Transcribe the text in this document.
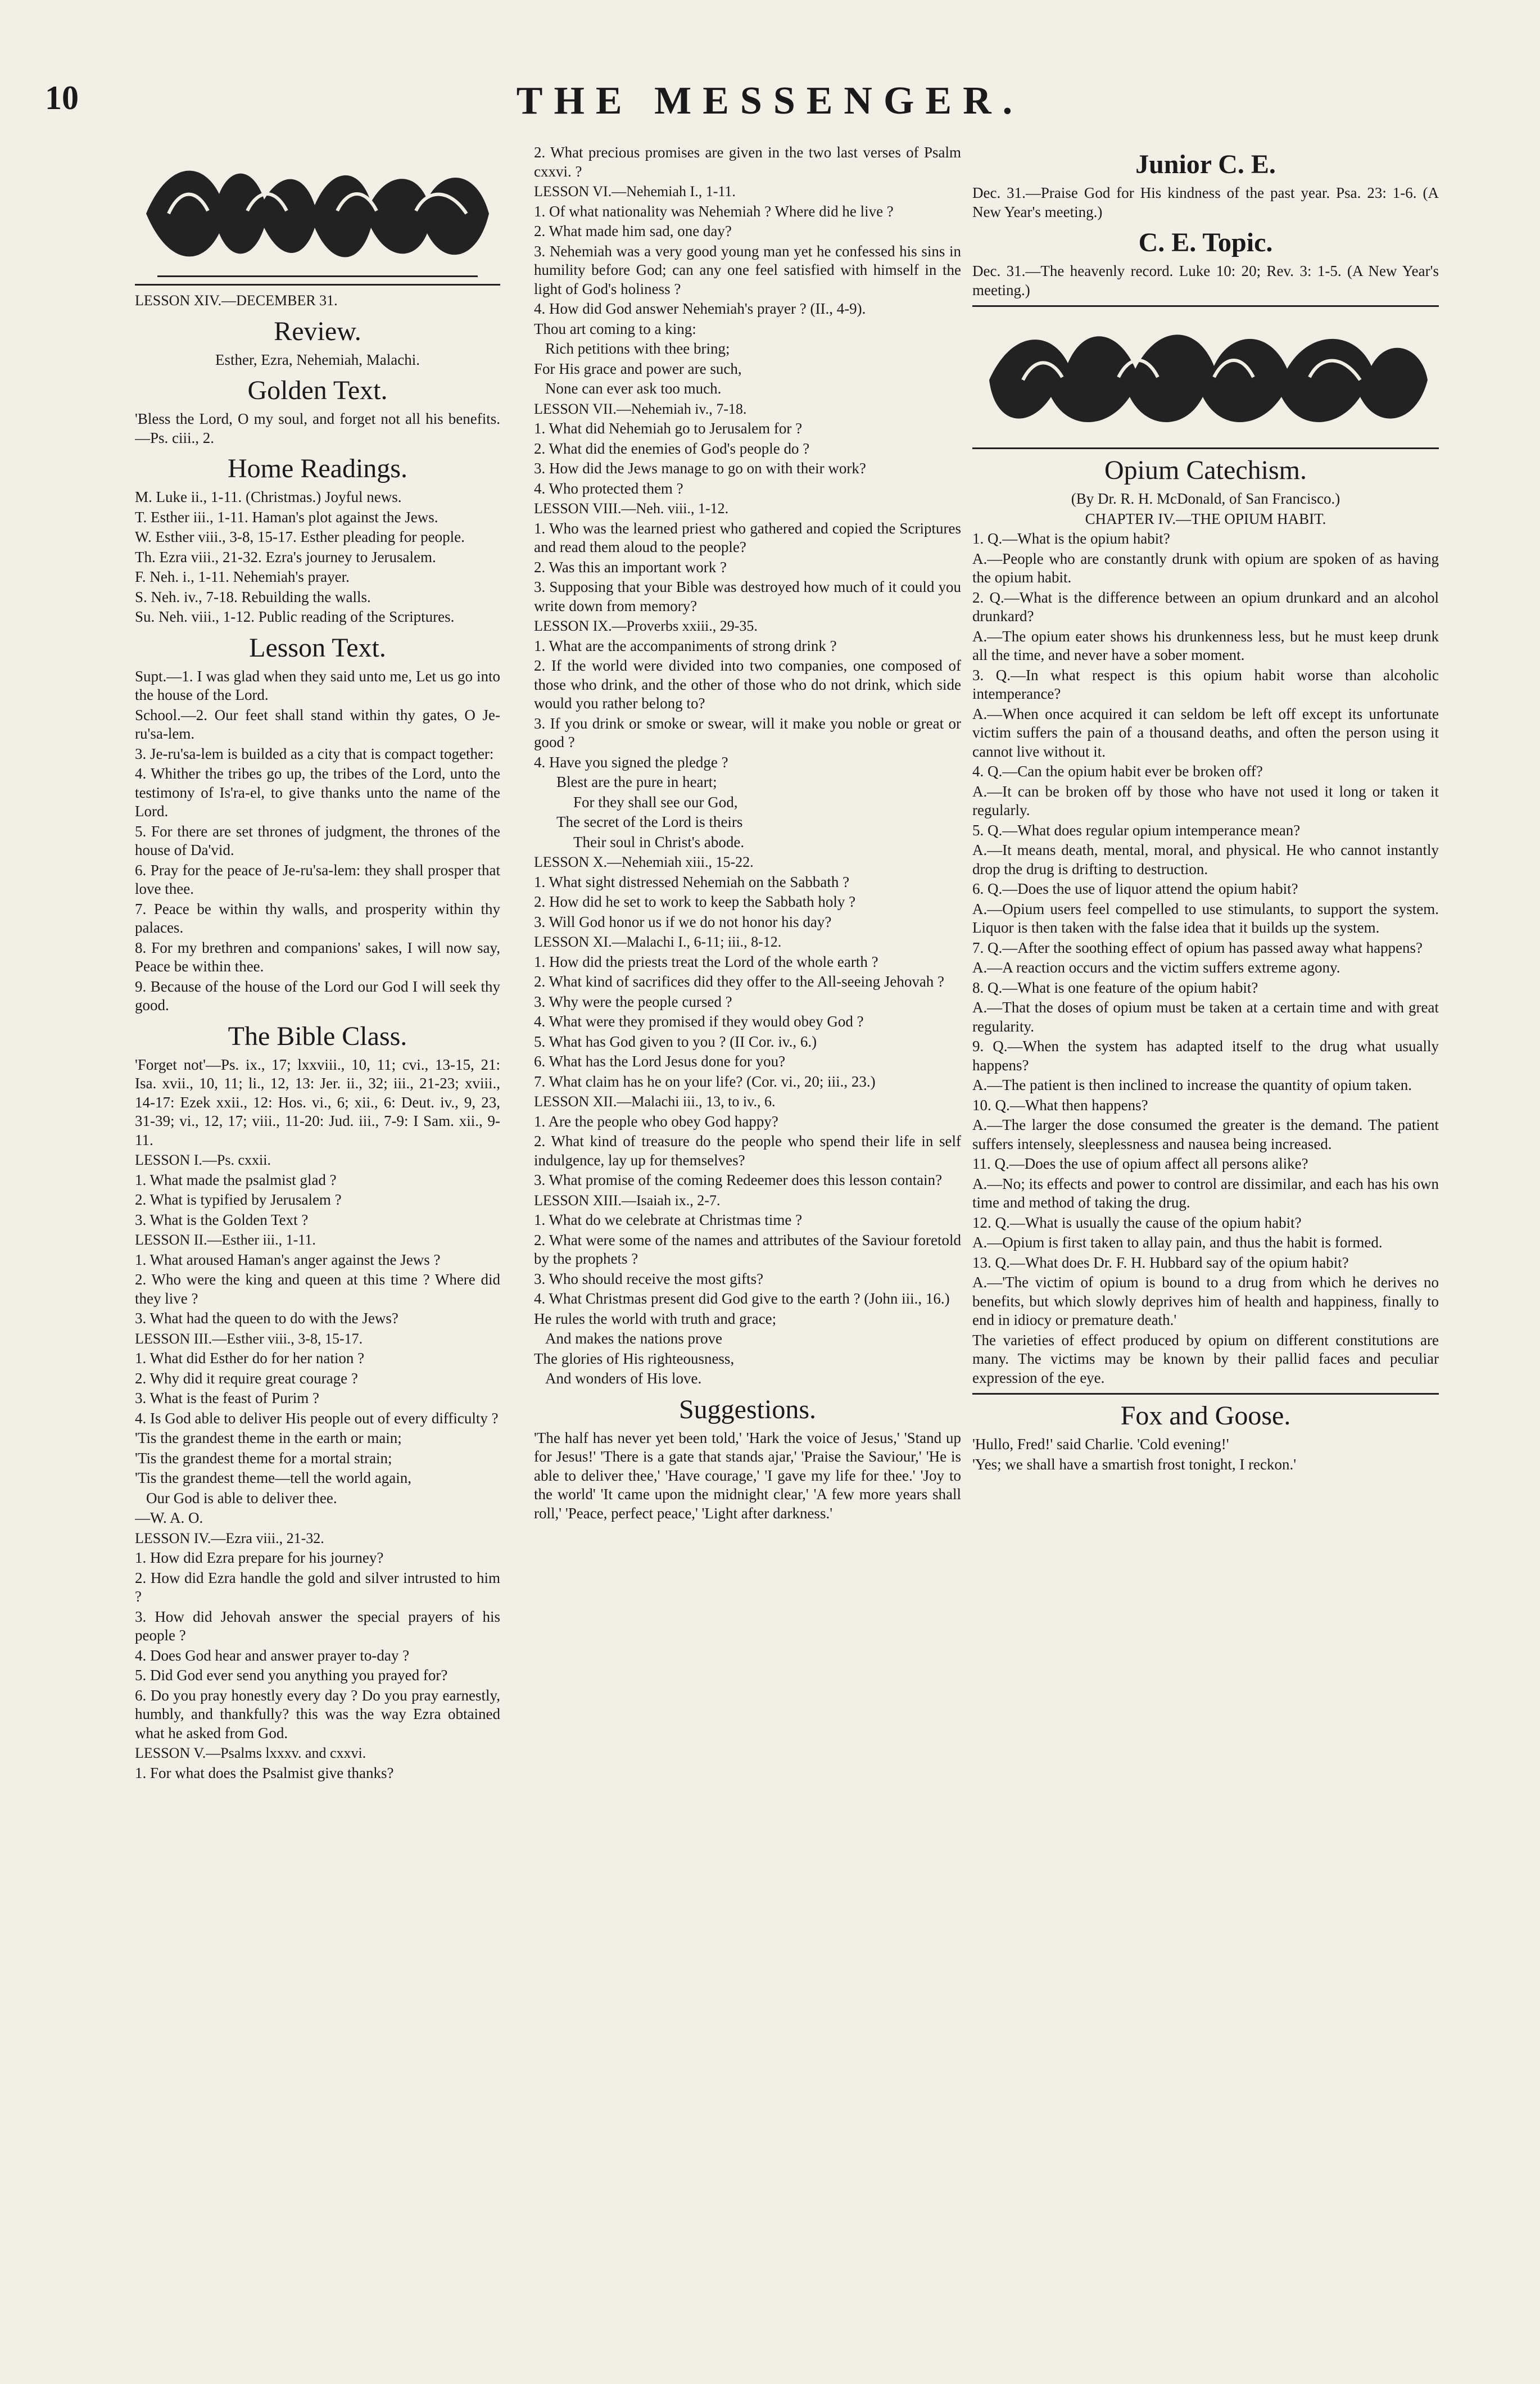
10	THE MESSENGER.

LESSON XIV.—DECEMBER 31.

Review.

Esther, Ezra, Nehemiah, Malachi.

Golden Text.

'Bless the Lord, O my soul, and forget not all his benefits.—Ps. ciii., 2.

Home Readings.

M. Luke ii., 1-11. (Christmas.) Joyful news.

T. Esther iii., 1-11. Haman's plot against the Jews.

W. Esther viii., 3-8, 15-17. Esther pleading for people.

Th. Ezra viii., 21-32. Ezra's journey to Jerusalem.

F. Neh. i., 1-11. Nehemiah's prayer.

S. Neh. iv., 7-18. Rebuilding the walls.

Su. Neh. viii., 1-12. Public reading of the Scriptures.

Lesson Text.

Supt.—1. I was glad when they said unto me, Let us go into the house of the Lord.

School.—2. Our feet shall stand within thy gates, O Je-ru'sa-lem.

3. Je-ru'sa-lem is builded as a city that is compact together:

4. Whither the tribes go up, the tribes of the Lord, unto the testimony of Is'ra-el, to give thanks unto the name of the Lord.

5. For there are set thrones of judgment, the thrones of the house of Da'vid.

6. Pray for the peace of Je-ru'sa-lem: they shall prosper that love thee.

7. Peace be within thy walls, and prosperity within thy palaces.

8. For my brethren and companions' sakes, I will now say, Peace be within thee.

9. Because of the house of the Lord our God I will seek thy good.

The Bible Class.

'Forget not'—Ps. ix., 17; lxxviii., 10, 11; cvi., 13-15, 21: Isa. xvii., 10, 11; li., 12, 13: Jer. ii., 32; iii., 21-23; xviii., 14-17: Ezek xxii., 12: Hos. vi., 6; xii., 6: Deut. iv., 9, 23, 31-39; vi., 12, 17; viii., 11-20: Jud. iii., 7-9: I Sam. xii., 9-11.

LESSON I.—Ps. cxxii.

1. What made the psalmist glad ?

2. What is typified by Jerusalem ?

3. What is the Golden Text ?

LESSON II.—Esther iii., 1-11.

1. What aroused Haman's anger against the Jews ?

2. Who were the king and queen at this time ? Where did they live ?

3. What had the queen to do with the Jews?

LESSON III.—Esther viii., 3-8, 15-17.

1. What did Esther do for her nation ?

2. Why did it require great courage ?

3. What is the feast of Purim ?

4. Is God able to deliver His people out of every difficulty ?

'Tis the grandest theme in the earth or main;

'Tis the grandest theme for a mortal strain;

'Tis the grandest theme—tell the world again,

Our God is able to deliver thee.

—W. A. O.

LESSON IV.—Ezra viii., 21-32.

1. How did Ezra prepare for his journey?

2. How did Ezra handle the gold and silver intrusted to him ?

3. How did Jehovah answer the special prayers of his people ?

4. Does God hear and answer prayer to-day ?

5. Did God ever send you anything you prayed for?

6. Do you pray honestly every day ? Do you pray earnestly, humbly, and thankfully? this was the way Ezra obtained what he asked from God.

LESSON V.—Psalms lxxxv. and cxxvi.

1. For what does the Psalmist give thanks?

2. What precious promises are given in the two last verses of Psalm cxxvi. ?

LESSON VI.—Nehemiah I., 1-11.

1. Of what nationality was Nehemiah ? Where did he live ?

2. What made him sad, one day?

3. Nehemiah was a very good young man yet he confessed his sins in humility before God; can any one feel satisfied with himself in the light of God's holiness ?

4. How did God answer Nehemiah's prayer ? (II., 4-9).

Thou art coming to a king:

Rich petitions with thee bring;

For His grace and power are such,

None can ever ask too much.

LESSON VII.—Nehemiah iv., 7-18.

1. What did Nehemiah go to Jerusalem for ?

2. What did the enemies of God's people do ?

3. How did the Jews manage to go on with their work?

4. Who protected them ?

LESSON VIII.—Neh. viii., 1-12.

1. Who was the learned priest who gathered and copied the Scriptures and read them aloud to the people?

2. Was this an important work ?

3. Supposing that your Bible was destroyed how much of it could you write down from memory?

LESSON IX.—Proverbs xxiii., 29-35.

1. What are the accompaniments of strong drink ?

2. If the world were divided into two companies, one composed of those who drink, and the other of those who do not drink, which side would you rather belong to?

3. If you drink or smoke or swear, will it make you noble or great or good ?

4. Have you signed the pledge ?

Blest are the pure in heart;

For they shall see our God,

The secret of the Lord is theirs

Their soul in Christ's abode.

LESSON X.—Nehemiah xiii., 15-22.

1. What sight distressed Nehemiah on the Sabbath ?

2. How did he set to work to keep the Sabbath holy ?

3. Will God honor us if we do not honor his day?

LESSON XI.—Malachi I., 6-11; iii., 8-12.

1. How did the priests treat the Lord of the whole earth ?

2. What kind of sacrifices did they offer to the All-seeing Jehovah ?

3. Why were the people cursed ?

4. What were they promised if they would obey God ?

5. What has God given to you ? (II Cor. iv., 6.)

6. What has the Lord Jesus done for you?

7. What claim has he on your life? (Cor. vi., 20; iii., 23.)

LESSON XII.—Malachi iii., 13, to iv., 6.

1. Are the people who obey God happy?

2. What kind of treasure do the people who spend their life in self indulgence, lay up for themselves?

3. What promise of the coming Redeemer does this lesson contain?

LESSON XIII.—Isaiah ix., 2-7.

1. What do we celebrate at Christmas time ?

2. What were some of the names and attributes of the Saviour foretold by the prophets ?

3. Who should receive the most gifts?

4. What Christmas present did God give to the earth ? (John iii., 16.)

He rules the world with truth and grace;

And makes the nations prove

The glories of His righteousness,

And wonders of His love.

Suggestions.

'The half has never yet been told,' 'Hark the voice of Jesus,' 'Stand up for Jesus!' 'There is a gate that stands ajar,' 'Praise the Saviour,' 'He is able to deliver thee,' 'Have courage,' 'I gave my life for thee.' 'Joy to the world' 'It came upon the midnight clear,' 'A few more years shall roll,' 'Peace, perfect peace,' 'Light after darkness.'

Junior C. E.

Dec. 31.—Praise God for His kindness of the past year. Psa. 23: 1-6. (A New Year's meeting.)

C. E. Topic.

Dec. 31.—The heavenly record. Luke 10: 20; Rev. 3: 1-5. (A New Year's meeting.)

Opium Catechism.

(By Dr. R. H. McDonald, of San Francisco.)

CHAPTER IV.—THE OPIUM HABIT.

1. Q.—What is the opium habit?

A.—People who are constantly drunk with opium are spoken of as having the opium habit.

2. Q.—What is the difference between an opium drunkard and an alcohol drunkard?

A.—The opium eater shows his drunkenness less, but he must keep drunk all the time, and never have a sober moment.

3. Q.—In what respect is this opium habit worse than alcoholic intemperance?

A.—When once acquired it can seldom be left off except its unfortunate victim suffers the pain of a thousand deaths, and often the person using it cannot live without it.

4. Q.—Can the opium habit ever be broken off?

A.—It can be broken off by those who have not used it long or taken it regularly.

5. Q.—What does regular opium intemperance mean?

A.—It means death, mental, moral, and physical. He who cannot instantly drop the drug is drifting to destruction.

6. Q.—Does the use of liquor attend the opium habit?

A.—Opium users feel compelled to use stimulants, to support the system. Liquor is then taken with the false idea that it builds up the system.

7. Q.—After the soothing effect of opium has passed away what happens?

A.—A reaction occurs and the victim suffers extreme agony.

8. Q.—What is one feature of the opium habit?

A.—That the doses of opium must be taken at a certain time and with great regularity.

9. Q.—When the system has adapted itself to the drug what usually happens?

A.—The patient is then inclined to increase the quantity of opium taken.

10. Q.—What then happens?

A.—The larger the dose consumed the greater is the demand. The patient suffers intensely, sleeplessness and nausea being increased.

11. Q.—Does the use of opium affect all persons alike?

A.—No; its effects and power to control are dissimilar, and each has his own time and method of taking the drug.

12. Q.—What is usually the cause of the opium habit?

A.—Opium is first taken to allay pain, and thus the habit is formed.

13. Q.—What does Dr. F. H. Hubbard say of the opium habit?

A.—'The victim of opium is bound to a drug from which he derives no benefits, but which slowly deprives him of health and happiness, finally to end in idiocy or premature death.'

The varieties of effect produced by opium on different constitutions are many. The victims may be known by their pallid faces and peculiar expression of the eye.

Fox and Goose.

'Hullo, Fred!' said Charlie. 'Cold evening!'

'Yes; we shall have a smartish frost tonight, I reckon.'
